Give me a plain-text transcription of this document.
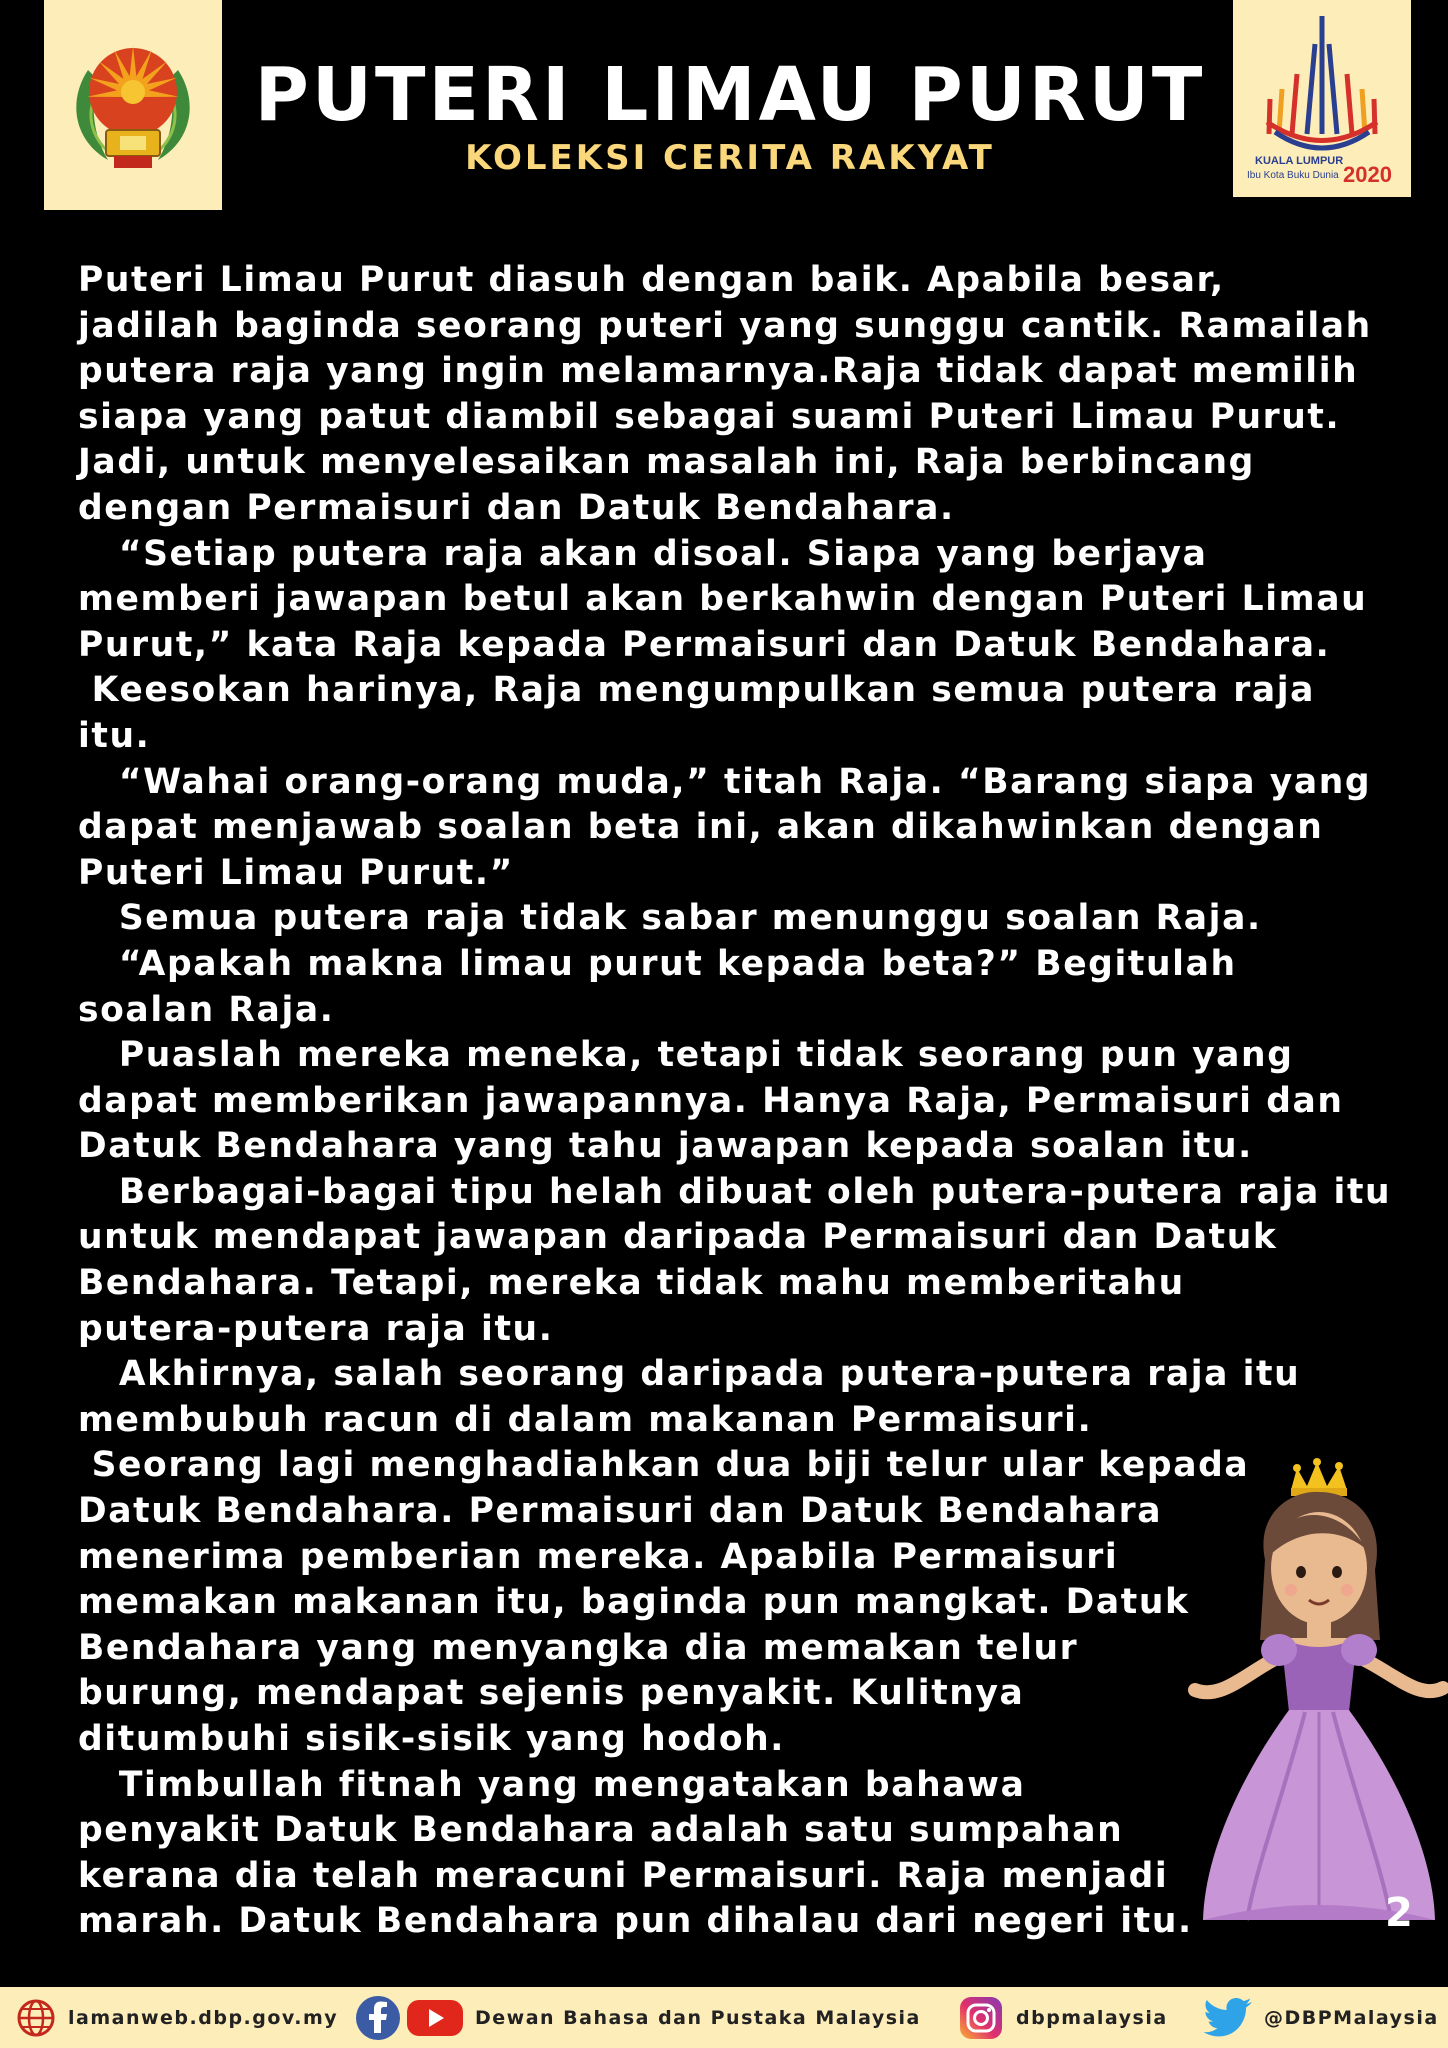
KUALA LUMPUR
Ibu Kota Buku Dunia 2020
PUTERI LIMAU PURUT
KOLEKSI CERITA RAKYAT
Puteri Limau Purut diasuh dengan baik. Apabila besar,
jadilah baginda seorang puteri yang sunggu cantik. Ramailah
putera raja yang ingin melamarnya.Raja tidak dapat memilih
siapa yang patut diambil sebagai suami Puteri Limau Purut.
Jadi, untuk menyelesaikan masalah ini, Raja berbincang
dengan Permaisuri dan Datuk Bendahara.
“Setiap putera raja akan disoal. Siapa yang berjaya
memberi jawapan betul akan berkahwin dengan Puteri Limau
Purut,” kata Raja kepada Permaisuri dan Datuk Bendahara.
Keesokan harinya, Raja mengumpulkan semua putera raja
itu.
“Wahai orang-orang muda,” titah Raja. “Barang siapa yang
dapat menjawab soalan beta ini, akan dikahwinkan dengan
Puteri Limau Purut.”
Semua putera raja tidak sabar menunggu soalan Raja.
“Apakah makna limau purut kepada beta?” Begitulah
soalan Raja.
Puaslah mereka meneka, tetapi tidak seorang pun yang
dapat memberikan jawapannya. Hanya Raja, Permaisuri dan
Datuk Bendahara yang tahu jawapan kepada soalan itu.
Berbagai-bagai tipu helah dibuat oleh putera-putera raja itu
untuk mendapat jawapan daripada Permaisuri dan Datuk
Bendahara. Tetapi, mereka tidak mahu memberitahu
putera-putera raja itu.
Akhirnya, salah seorang daripada putera-putera raja itu
membubuh racun di dalam makanan Permaisuri.
Seorang lagi menghadiahkan dua biji telur ular kepada
Datuk Bendahara. Permaisuri dan Datuk Bendahara
menerima pemberian mereka. Apabila Permaisuri
memakan makanan itu, baginda pun mangkat. Datuk
Bendahara yang menyangka dia memakan telur
burung, mendapat sejenis penyakit. Kulitnya
ditumbuhi sisik-sisik yang hodoh.
Timbullah fitnah yang mengatakan bahawa
penyakit Datuk Bendahara adalah satu sumpahan
kerana dia telah meracuni Permaisuri. Raja menjadi
marah. Datuk Bendahara pun dihalau dari negeri itu.	2
lamanweb.dbp.gov.my	Dewan Bahasa dan Pustaka Malaysia	dbpmalaysia	@DBPMalaysia
